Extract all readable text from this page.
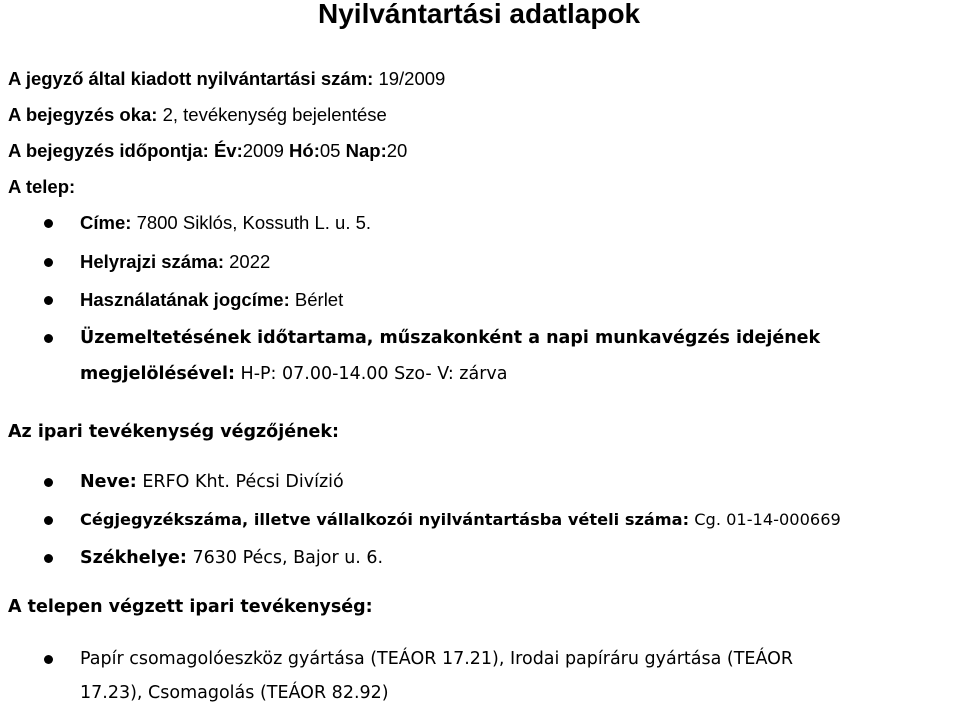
Nyilvántartási adatlapok
A jegyző által kiadott nyilvántartási szám: 19/2009
A bejegyzés oka: 2, tevékenység bejelentése
A bejegyzés időpontja: Év:2009 Hó:05 Nap:20
A telep:
Címe: 7800 Siklós, Kossuth L. u. 5.
Helyrajzi száma: 2022
Használatának jogcíme: Bérlet
Üzemeltetésének időtartama, műszakonként a napi munkavégzés idejének
megjelölésével: H-P: 07.00-14.00 Szo- V: zárva
Az ipari tevékenység végzőjének:
Neve: ERFO Kht. Pécsi Divízió
Cégjegyzékszáma, illetve vállalkozói nyilvántartásba vételi száma: Cg. 01-14-000669
Székhelye: 7630 Pécs, Bajor u. 6.
A telepen végzett ipari tevékenység:
Papír csomagolóeszköz gyártása (TEÁOR 17.21), Irodai papíráru gyártása (TEÁOR
17.23), Csomagolás (TEÁOR 82.92)
